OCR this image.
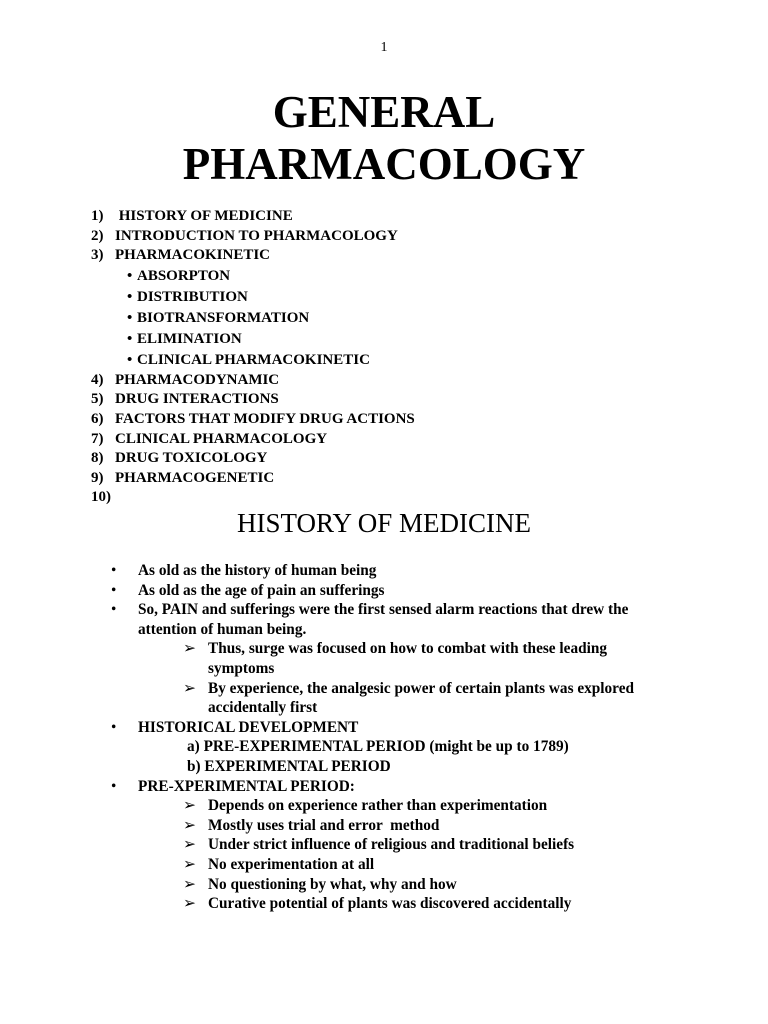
1
GENERAL
PHARMACOLOGY
1) HISTORY OF MEDICINE
2) INTRODUCTION TO PHARMACOLOGY
3) PHARMACOKINETIC
• ABSORPTON
• DISTRIBUTION
• BIOTRANSFORMATION
• ELIMINATION
• CLINICAL PHARMACOKINETIC
4) PHARMACODYNAMIC
5) DRUG INTERACTIONS
6) FACTORS THAT MODIFY DRUG ACTIONS
7) CLINICAL PHARMACOLOGY
8) DRUG TOXICOLOGY
9) PHARMACOGENETIC
10)
HISTORY OF MEDICINE
•	As old as the history of human being
•	As old as the age of pain an sufferings
•	So, PAIN and sufferings were the first sensed alarm reactions that drew the attention of human being.
➢ Thus, surge was focused on how to combat with these leading symptoms
➢ By experience, the analgesic power of certain plants was explored accidentally first
•	HISTORICAL DEVELOPMENT
a) PRE-EXPERIMENTAL PERIOD (might be up to 1789)
b) EXPERIMENTAL PERIOD
•	PRE-XPERIMENTAL PERIOD:
➢ Depends on experience rather than experimentation
➢ Mostly uses trial and error  method
➢ Under strict influence of religious and traditional beliefs
➢ No experimentation at all
➢ No questioning by what, why and how
➢ Curative potential of plants was discovered accidentally
